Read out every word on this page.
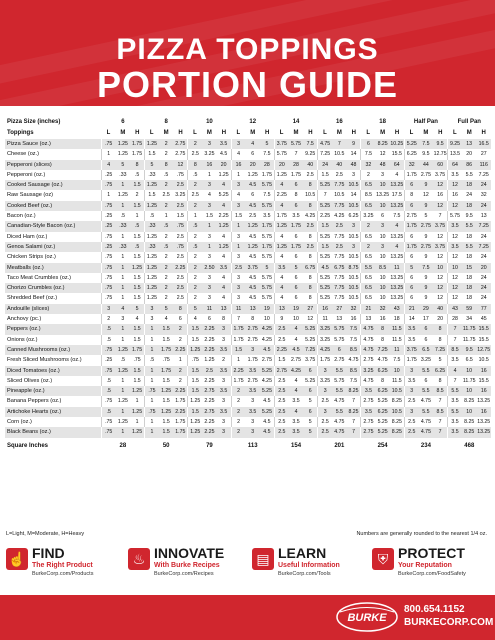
PIZZA TOPPINGS
PORTION GUIDE
Pizza Size (inches)	6			8			10			12			14			16			18			Half Pan			Full Pan		
Toppings	L	M	H	L	M	H	L	M	H	L	M	H	L	M	H	L	M	H	L	M	H	L	M	H	L	M	H
Pizza Sauce (oz.)	.75	1.25	1.75	1.25	2	2.75	2	3	3.5	3	4	5	3.75	5.75	7.5	4.75	7	9	6	8.25	10.25	5.25	7.5	9.5	9.25	13	16.5
Cheese (oz.)	1	1.25	1.75	1.5	2	2.75	2.5	3.25	4.5	4	6	7.5	5.75	7	9.25	7.25	10.5	14	7.5	12	15.5	6.25	9.5	12.75	13.5	20	27
Pepperoni (slices)	4	5	8	5	8	12	8	16	20	16	20	28	20	28	40	24	40	48	32	48	64	32	44	60	64	86	116
Pepperoni (oz.)	.25	.33	.5	.33	.5	.75	.5	1	1.25	1	1.25	1.75	1.25	1.75	2.5	1.5	2.5	3	2	3	4	1.75	2.75	3.75	3.5	5.5	7.25
Cooked Sausage (oz.)	.75	1	1.5	1.25	2	2.5	2	3	4	3	4.5	5.75	4	6	8	5.25	7.75	10.5	6.5	10	13.25	6	9	12	12	18	24
Raw Sausage (oz)	1	1.25	2	1.5	2.5	3.25	2.5	4	5.25	4	6	7.5	2.25	8	10.5	7	10.5	14	8.5	13.25	17.5	8	12	16	16	24	32
Cooked Beef (oz.)	.75	1	1.5	1.25	2	2.5	2	3	4	3	4.5	5.75	4	6	8	5.25	7.75	10.5	6.5	10	13.25	6	9	12	12	18	24
Bacon (oz.)	.25	.5	1	.5	1	1.5	1	1.5	2.25	1.5	2.5	3.5	1.75	3.5	4.25	2.25	4.25	6.25	3.25	6	7.5	2.75	5	7	5.75	9.5	13
Canadian-Style Bacon (oz.)	.25	.33	.5	.33	.5	.75	.5	1	1.25	1	1.25	1.75	1.25	1.75	2.5	1.5	2.5	3	2	3	4	1.75	2.75	3.75	3.5	5.5	7.25
Diced Ham (oz.)	.75	1	1.5	1.25	2	2.5	2	3	4	3	4.5	5.75	4	6	8	5.25	7.75	10.5	6.5	10	13.25	6	9	12	12	18	24
Genoa Salami (oz.)	.25	.33	.5	.33	.5	.75	.5	1	1.25	1	1.25	1.75	1.25	1.75	2.5	1.5	2.5	3	2	3	4	1.75	2.75	3.75	3.5	5.5	7.25
Chicken Strips (oz.)	.75	1	1.5	1.25	2	2.5	2	3	4	3	4.5	5.75	4	6	8	5.25	7.75	10.5	6.5	10	13.25	6	9	12	12	18	24
Meatballs (oz.)	.75	1	1.25	1.25	2	2.25	2	2.50	3.5	2.5	3.75	5	3.5	5	6.75	4.5	6.75	8.75	5.5	8.5	11	5	7.5	10	10	15	20
Taco Meat Crumbles (oz.)	.75	1	1.5	1.25	2	2.5	2	3	4	3	4.5	5.75	4	6	8	5.25	7.75	10.5	6.5	10	13.25	6	9	12	12	18	24
Chorizo Crumbles (oz.)	.75	1	1.5	1.25	2	2.5	2	3	4	3	4.5	5.75	4	6	8	5.25	7.75	10.5	6.5	10	13.25	6	9	12	12	18	24
Shredded Beef (oz.)	.75	1	1.5	1.25	2	2.5	2	3	4	3	4.5	5.75	4	6	8	5.25	7.75	10.5	6.5	10	13.25	6	9	12	12	18	24
Andouille (slices)	3	4	5	3	5	8	5	11	13	11	13	19	13	19	27	16	27	32	21	32	43	21	29	40	43	59	77
Anchovy (pc.)	2	3	4	3	4	6	4	6	8	7	8	10	9	10	12	11	13	16	13	16	18	14	17	20	28	34	45
Peppers (oz.)	.5	1	1.5	1	1.5	2	1.5	2.25	3	1.75	2.75	4.25	2.5	4	5.25	3.25	5.75	7.5	4.75	8	11.5	3.5	6	8	7	11.75	15.5
Onions (oz.)	.5	1	1.5	1	1.5	2	1.5	2.25	3	1.75	2.75	4.25	2.5	4	5.25	3.25	5.75	7.5	4.75	8	11.5	3.5	6	8	7	11.75	15.5
Canned Mushrooms (oz.)	.75	1.25	1.75	1	1.75	2.25	1.25	2.25	3.5	1.5	3	4.5	2.25	4.5	7.25	4.25	6	8.5	4.75	7.25	11	3.75	6.5	7.25	8.5	9.5	12.75
Fresh Sliced Mushrooms (oz.)	.25	.5	.75	.5	.75	1	.75	1.25	2	1	1.75	2.75	1.5	2.75	3.75	1.75	2.75	4.75	2.75	4.75	7.5	1.75	3.25	5	3.5	6.5	10.5
Diced Tomatoes (oz.)	.75	1.25	1.5	1	1.75	2	1.5	2.5	3.5	2.25	3.5	5.25	2.75	4.25	6	3	5.5	8.5	3.25	6.25	10	3	5.5	6.25	4	10	16
Sliced Olives (oz.)	.5	1	1.5	1	1.5	2	1.5	2.25	3	1.75	2.75	4.25	2.5	4	5.25	3.25	5.75	7.5	4.75	8	11.5	3.5	6	8	7	11.75	15.5
Pineapple (oz.)	.5	1	1.25	.75	1.25	2.25	1.5	2.75	3.5	2	3.5	5.25	2.5	4	6	3	5.5	8.25	3.5	6.25	10.5	3	5.5	8.5	5.5	10	16
Banana Peppers (oz.)	.75	1.25	1	1	1.5	1.75	1.25	2.25	3	2	3	4.5	2.5	3.5	5	2.5	4.75	7	2.75	5.25	8.25	2.5	4.75	7	3.5	8.25	13.25
Artichoke Hearts (oz.)	.5	1	1.25	.75	1.25	2.25	1.5	2.75	3.5	2	3.5	5.25	2.5	4	6	3	5.5	8.25	3.5	6.25	10.5	3	5.5	8.5	5.5	10	16
Corn (oz.)	.75	1.25	1	1	1.5	1.75	1.25	2.25	3	2	3	4.5	2.5	3.5	5	2.5	4.75	7	2.75	5.25	8.25	2.5	4.75	7	3.5	8.25	13.25
Black Beans (oz.)	.75	1	1.25	1	1.5	1.75	1.25	2.25	3	2	3	4.5	2.5	3.5	5	2.5	4.75	7	2.75	5.25	8.25	2.5	4.75	7	3.5	8.25	13.25
Square Inches	28			50			79			113			154			201			254			234			468		
L=Light, M=Moderate, H=Heavy	Numbers are generally rounded to the nearest 1/4 oz.
☝ FIND
The Right Product
BurkeCorp.com/Products
♨ INNOVATE
With Burke Recipes
BurkeCorp.com/Recipes
▤ LEARN
Useful Information
BurkeCorp.com/Tools
⛨ PROTECT
Your Reputation
BurkeCorp.com/FoodSafety
BURKE
800.654.1152
BURKECORP.COM
